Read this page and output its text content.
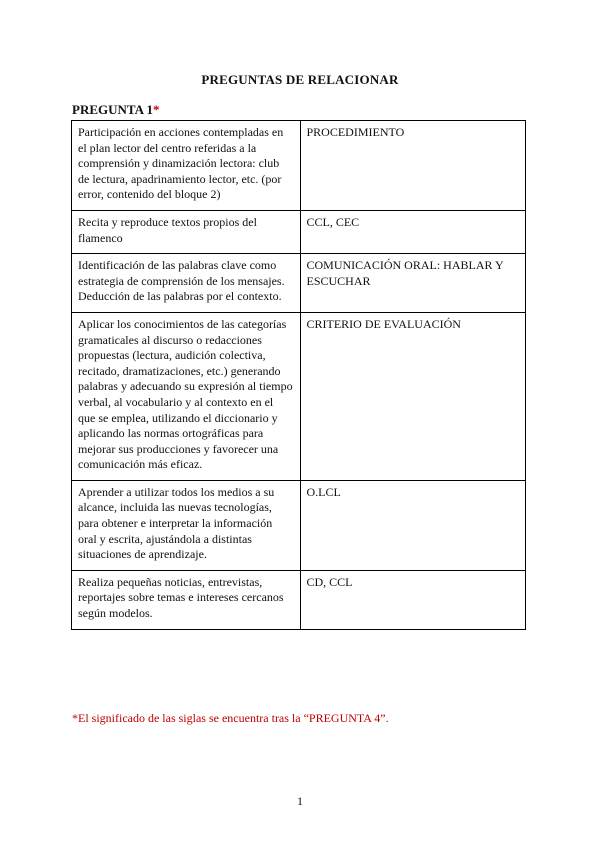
PREGUNTAS DE RELACIONAR
PREGUNTA 1*
Participación en acciones contempladas en el plan lector del centro referidas a la comprensión y dinamización lectora: club de lectura, apadrinamiento lector, etc. (por error, contenido del bloque 2)	PROCEDIMIENTO
Recita y reproduce textos propios del flamenco	CCL, CEC
Identificación de las palabras clave como estrategia de comprensión de los mensajes. Deducción de las palabras por el contexto.	COMUNICACIÓN ORAL: HABLAR Y ESCUCHAR
Aplicar los conocimientos de las categorías gramaticales al discurso o redacciones propuestas (lectura, audición colectiva, recitado, dramatizaciones, etc.) generando palabras y adecuando su expresión al tiempo verbal, al vocabulario y al contexto en el que se emplea, utilizando el diccionario y aplicando las normas ortográficas para mejorar sus producciones y favorecer una comunicación más eficaz.	CRITERIO DE EVALUACIÓN
Aprender a utilizar todos los medios a su alcance, incluida las nuevas tecnologías, para obtener e interpretar la información oral y escrita, ajustándola a distintas situaciones de aprendizaje.	O.LCL
Realiza pequeñas noticias, entrevistas, reportajes sobre temas e intereses cercanos según modelos.	CD, CCL
*El significado de las siglas se encuentra tras la “PREGUNTA 4”.
1
